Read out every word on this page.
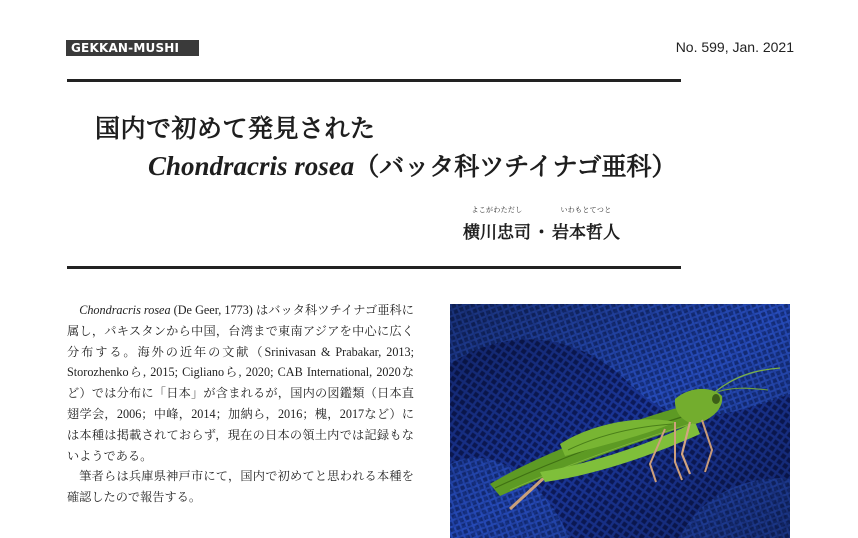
GEKKAN-MUSHI	No. 599, Jan. 2021
国内で初めて発見された
Chondracris rosea（バッタ科ツチイナゴ亜科）
よこがわただし
横川忠司 ・
いわもとてつと
岩本哲人

Chondracris rosea (De Geer, 1773) はバッタ科ツチイナゴ亜科に属し，パキスタンから中国，台湾まで東南アジアを中心に広く分布する。海外の近年の文献（Srinivasan & Prabakar, 2013; Storozhenkoら, 2015; Ciglianoら, 2020; CAB International, 2020など）では分布に「日本」が含まれるが，国内の図鑑類（日本直翅学会，2006；中峰，2014；加納ら，2016；槐，2017など）には本種は掲載されておらず，現在の日本の領土内では記録もないようである。

筆者らは兵庫県神戸市にて，国内で初めてと思われる本種を確認したので報告する。
